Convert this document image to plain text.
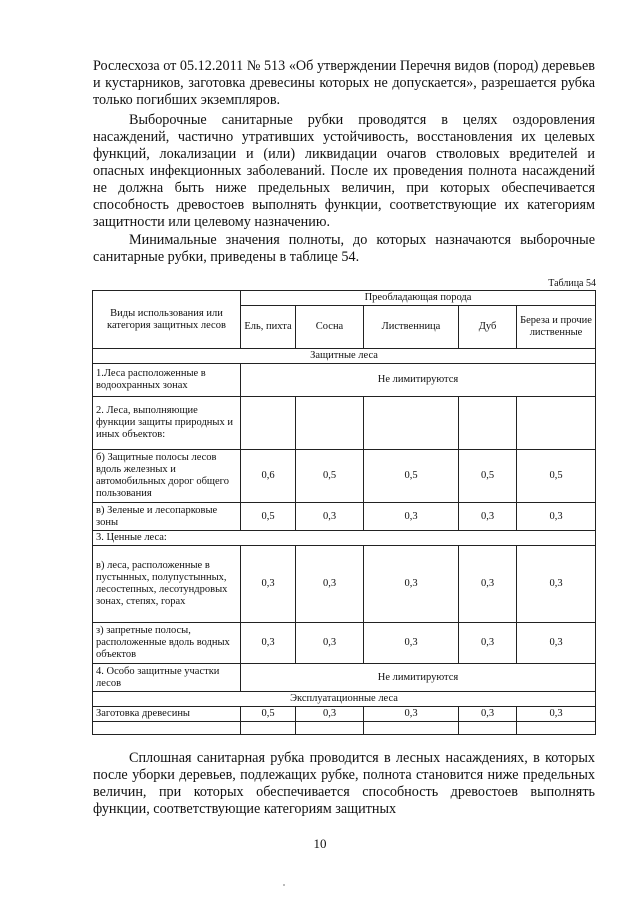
Рослесхоза от 05.12.2011 № 513 «Об утверждении Перечня видов (пород) деревьев и кустарников, заготовка древесины которых не допускается», разрешается рубка только погибших экземпляров.

Выборочные санитарные рубки проводятся в целях оздоровления насаждений, частично утративших устойчивость, восстановления их целевых функций, локализации и (или) ликвидации очагов стволовых вредителей и опасных инфекционных заболеваний. После их проведения полнота насаждений не должна быть ниже предельных величин, при которых обеспечивается способность древостоев выполнять функции, соответствующие их категориям защитности или целевому назначению.

Минимальные значения полноты, до которых назначаются выборочные санитарные рубки, приведены в таблице 54.

Таблица 54
Виды использования или категория защитных лесов	Преобладающая порода				
	Ель, пихта	Сосна	Лиственница	Дуб	Береза и прочие лиственные
Защитные леса					
1.Леса расположенные в водоохранных зонах	Не лимитируются				
2. Леса, выполняющие функции защиты природных и иных объектов:					
б) Защитные полосы лесов вдоль железных и автомобильных дорог общего пользования	0,6	0,5	0,5	0,5	0,5
в) Зеленые и лесопарковые зоны	0,5	0,3	0,3	0,3	0,3
3. Ценные леса:					
в) леса, расположенные в пустынных, полупустынных, лесостепных, лесотундровых зонах, степях, горах	0,3	0,3	0,3	0,3	0,3
з) запретные полосы, расположенные вдоль водных объектов	0,3	0,3	0,3	0,3	0,3
4. Особо защитные участки лесов	Не лимитируются				
Эксплуатационные леса					
Заготовка древесины	0,5	0,3	0,3	0,3	0,3

Сплошная санитарная рубка проводится в лесных насаждениях, в которых после уборки деревьев, подлежащих рубке, полнота становится ниже предельных величин, при которых обеспечивается способность древостоев выполнять функции, соответствующие категориям защитных

10
